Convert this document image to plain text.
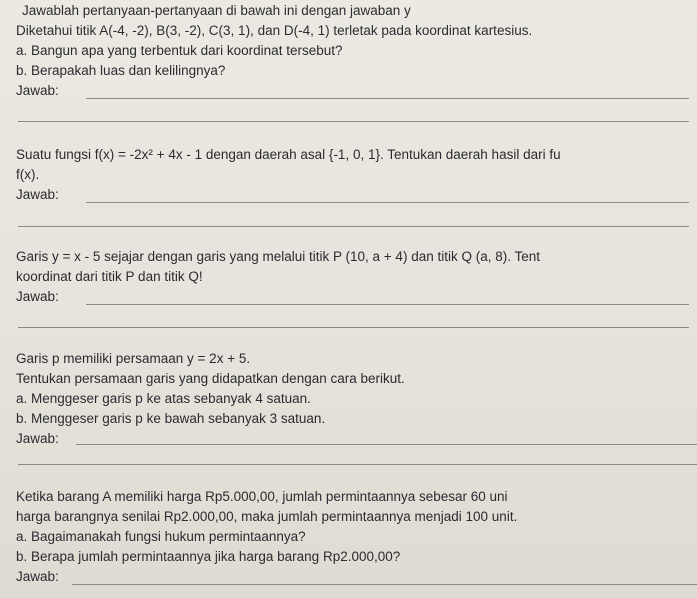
Jawablah pertanyaan-pertanyaan di bawah ini dengan jawaban y
Diketahui titik A(-4, -2), B(3, -2), C(3, 1), dan D(-4, 1) terletak pada koordinat kartesius.
a. Bangun apa yang terbentuk dari koordinat tersebut?
b. Berapakah luas dan kelilingnya?
Jawab:
Suatu fungsi f(x) = -2x² + 4x - 1 dengan daerah asal {-1, 0, 1}. Tentukan daerah hasil dari fu
f(x).
Jawab:
Garis y = x - 5 sejajar dengan garis yang melalui titik P (10, a + 4) dan titik Q (a, 8). Tent
koordinat dari titik P dan titik Q!
Jawab:
Garis p memiliki persamaan y = 2x + 5.
Tentukan persamaan garis yang didapatkan dengan cara berikut.
a. Menggeser garis p ke atas sebanyak 4 satuan.
b. Menggeser garis p ke bawah sebanyak 3 satuan.
Jawab:
Ketika barang A memiliki harga Rp5.000,00, jumlah permintaannya sebesar 60 uni
harga barangnya senilai Rp2.000,00, maka jumlah permintaannya menjadi 100 unit.
a. Bagaimanakah fungsi hukum permintaannya?
b. Berapa jumlah permintaannya jika harga barang Rp2.000,00?
Jawab:
